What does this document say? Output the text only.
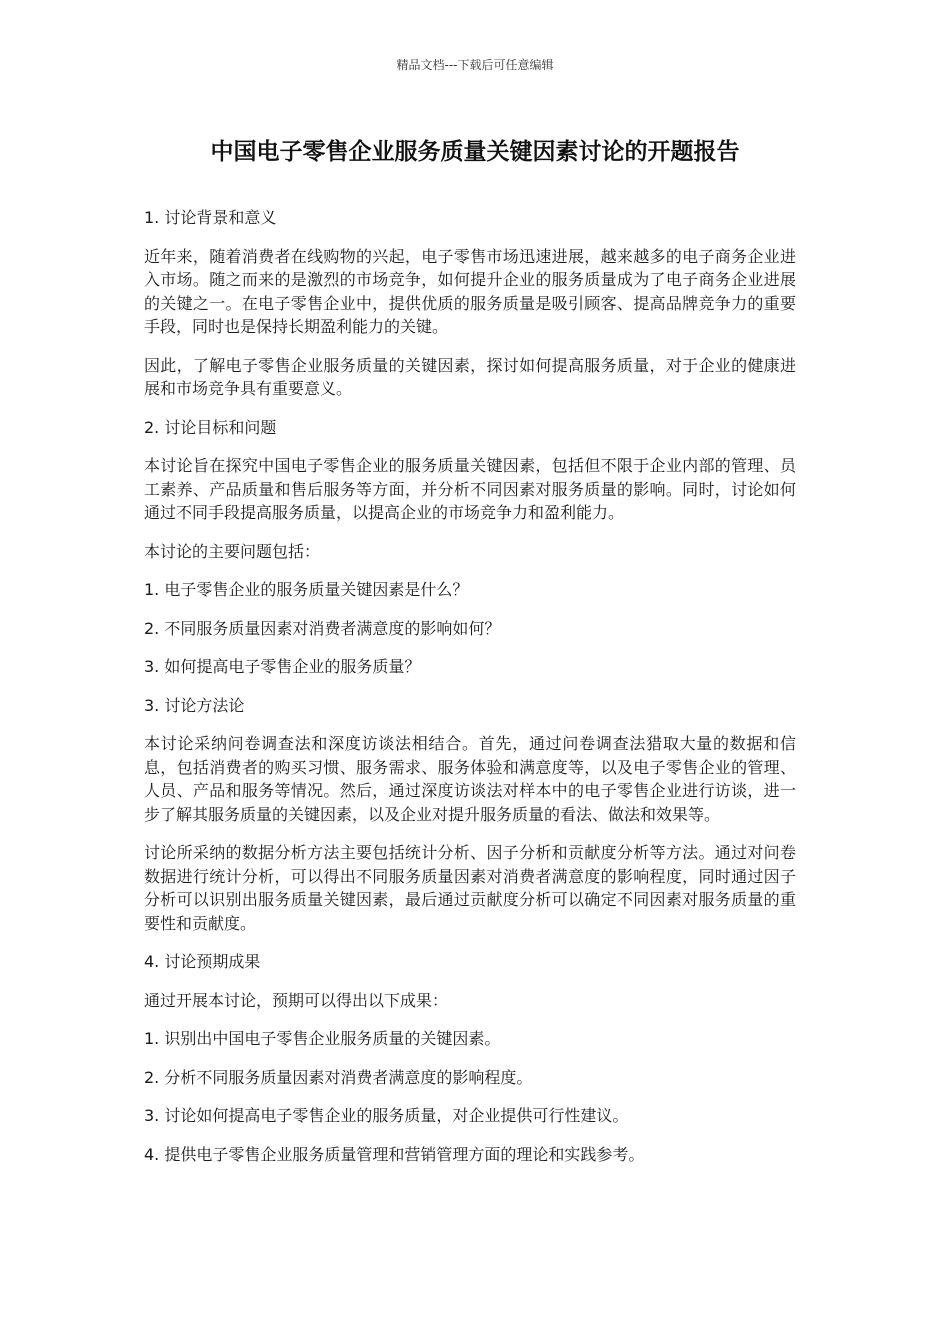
精品文档---下载后可任意编辑
中国电子零售企业服务质量关键因素讨论的开题报告

1. 讨论背景和意义

近年来，随着消费者在线购物的兴起，电子零售市场迅速进展，越来越多的电子商务企业进入市场。随之而来的是激烈的市场竞争，如何提升企业的服务质量成为了电子商务企业进展的关键之一。在电子零售企业中，提供优质的服务质量是吸引顾客、提高品牌竞争力的重要手段，同时也是保持长期盈利能力的关键。

因此，了解电子零售企业服务质量的关键因素，探讨如何提高服务质量，对于企业的健康进展和市场竞争具有重要意义。

2. 讨论目标和问题

本讨论旨在探究中国电子零售企业的服务质量关键因素，包括但不限于企业内部的管理、员工素养、产品质量和售后服务等方面，并分析不同因素对服务质量的影响。同时，讨论如何通过不同手段提高服务质量，以提高企业的市场竞争力和盈利能力。

本讨论的主要问题包括：

1. 电子零售企业的服务质量关键因素是什么？

2. 不同服务质量因素对消费者满意度的影响如何？

3. 如何提高电子零售企业的服务质量？

3. 讨论方法论

本讨论采纳问卷调查法和深度访谈法相结合。首先，通过问卷调查法猎取大量的数据和信息，包括消费者的购买习惯、服务需求、服务体验和满意度等，以及电子零售企业的管理、人员、产品和服务等情况。然后，通过深度访谈法对样本中的电子零售企业进行访谈，进一步了解其服务质量的关键因素，以及企业对提升服务质量的看法、做法和效果等。

讨论所采纳的数据分析方法主要包括统计分析、因子分析和贡献度分析等方法。通过对问卷数据进行统计分析，可以得出不同服务质量因素对消费者满意度的影响程度，同时通过因子分析可以识别出服务质量关键因素，最后通过贡献度分析可以确定不同因素对服务质量的重要性和贡献度。

4. 讨论预期成果

通过开展本讨论，预期可以得出以下成果：

1. 识别出中国电子零售企业服务质量的关键因素。

2. 分析不同服务质量因素对消费者满意度的影响程度。

3. 讨论如何提高电子零售企业的服务质量，对企业提供可行性建议。

4. 提供电子零售企业服务质量管理和营销管理方面的理论和实践参考。
